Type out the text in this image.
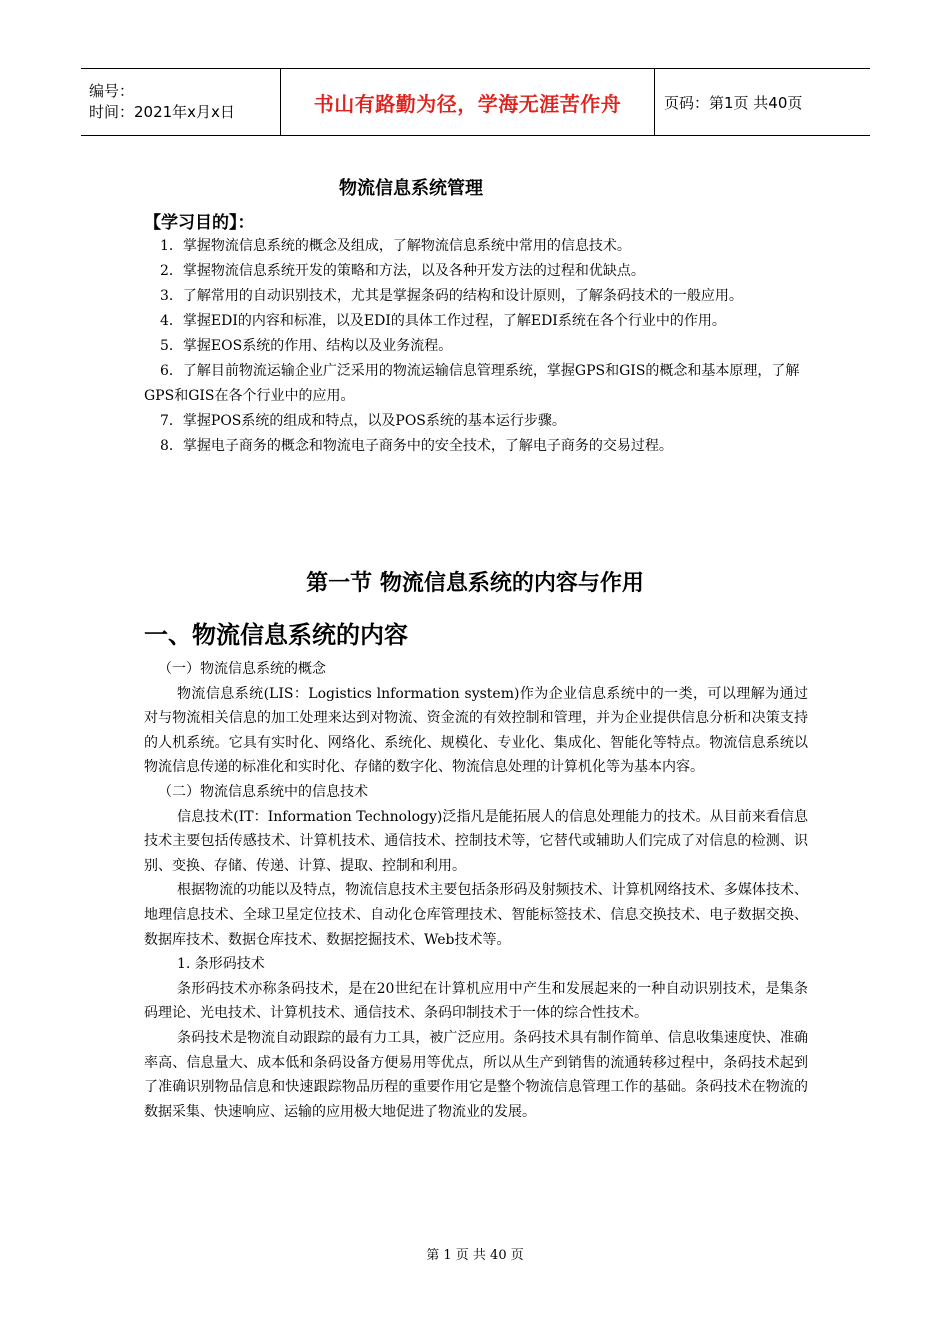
编号：
时间：2021年x月x日	书山有路勤为径，学海无涯苦作舟	页码：第1页 共40页
物流信息系统管理
【学习目的】：
1．掌握物流信息系统的概念及组成，了解物流信息系统中常用的信息技术。
2．掌握物流信息系统开发的策略和方法，以及各种开发方法的过程和优缺点。
3．了解常用的自动识别技术，尤其是掌握条码的结构和设计原则，了解条码技术的一般应用。
4．掌握EDI的内容和标准，以及EDI的具体工作过程，了解EDI系统在各个行业中的作用。
5．掌握EOS系统的作用、结构以及业务流程。
6．了解目前物流运输企业广泛采用的物流运输信息管理系统，掌握GPS和GIS的概念和基本原理，了解GPS和GIS在各个行业中的应用。
7．掌握POS系统的组成和特点，以及POS系统的基本运行步骤。
8．掌握电子商务的概念和物流电子商务中的安全技术，了解电子商务的交易过程。
第一节 物流信息系统的内容与作用
一、物流信息系统的内容

（一）物流信息系统的概念

物流信息系统(LIS：Logistics lnformation system)作为企业信息系统中的一类，可以理解为通过对与物流相关信息的加工处理来达到对物流、资金流的有效控制和管理，并为企业提供信息分析和决策支持的人机系统。它具有实时化、网络化、系统化、规模化、专业化、集成化、智能化等特点。物流信息系统以物流信息传递的标准化和实时化、存储的数字化、物流信息处理的计算机化等为基本内容。

（二）物流信息系统中的信息技术

信息技术(IT：Information Technology)泛指凡是能拓展人的信息处理能力的技术。从目前来看信息技术主要包括传感技术、计算机技术、通信技术、控制技术等，它替代或辅助人们完成了对信息的检测、识别、变换、存储、传递、计算、提取、控制和利用。

根据物流的功能以及特点，物流信息技术主要包括条形码及射频技术、计算机网络技术、多媒体技术、地理信息技术、全球卫星定位技术、自动化仓库管理技术、智能标签技术、信息交换技术、电子数据交换、数据库技术、数据仓库技术、数据挖掘技术、Web技术等。

1. 条形码技术

条形码技术亦称条码技术，是在20世纪在计算机应用中产生和发展起来的一种自动识别技术，是集条码理论、光电技术、计算机技术、通信技术、条码印制技术于一体的综合性技术。

条码技术是物流自动跟踪的最有力工具，被广泛应用。条码技术具有制作简单、信息收集速度快、准确率高、信息量大、成本低和条码设备方便易用等优点，所以从生产到销售的流通转移过程中，条码技术起到了准确识别物品信息和快速跟踪物品历程的重要作用它是整个物流信息管理工作的基础。条码技术在物流的数据采集、快速响应、运输的应用极大地促进了物流业的发展。

第 1 页 共 40 页
